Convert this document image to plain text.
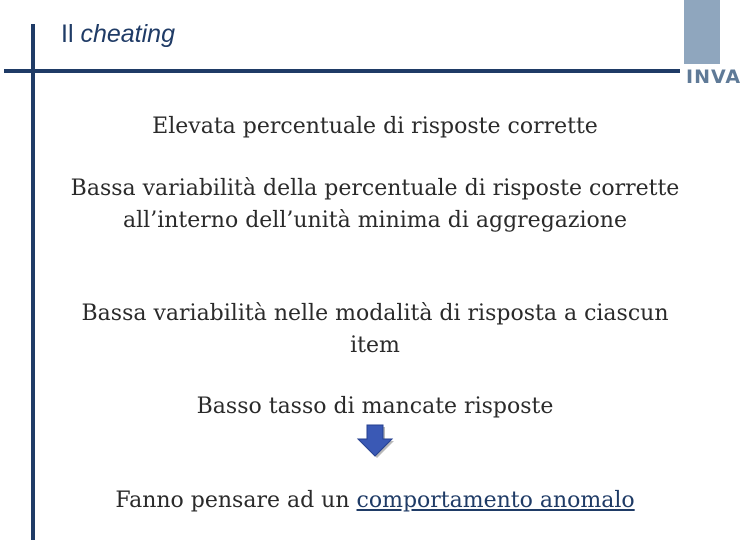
Il cheating
INVA
Elevata percentuale di risposte corrette
Bassa variabilità della percentuale di risposte corrette all’interno dell’unità minima di aggregazione
Bassa variabilità nelle modalità di risposta a ciascun item
Basso tasso di mancate risposte
Fanno pensare ad un comportamento anomalo
